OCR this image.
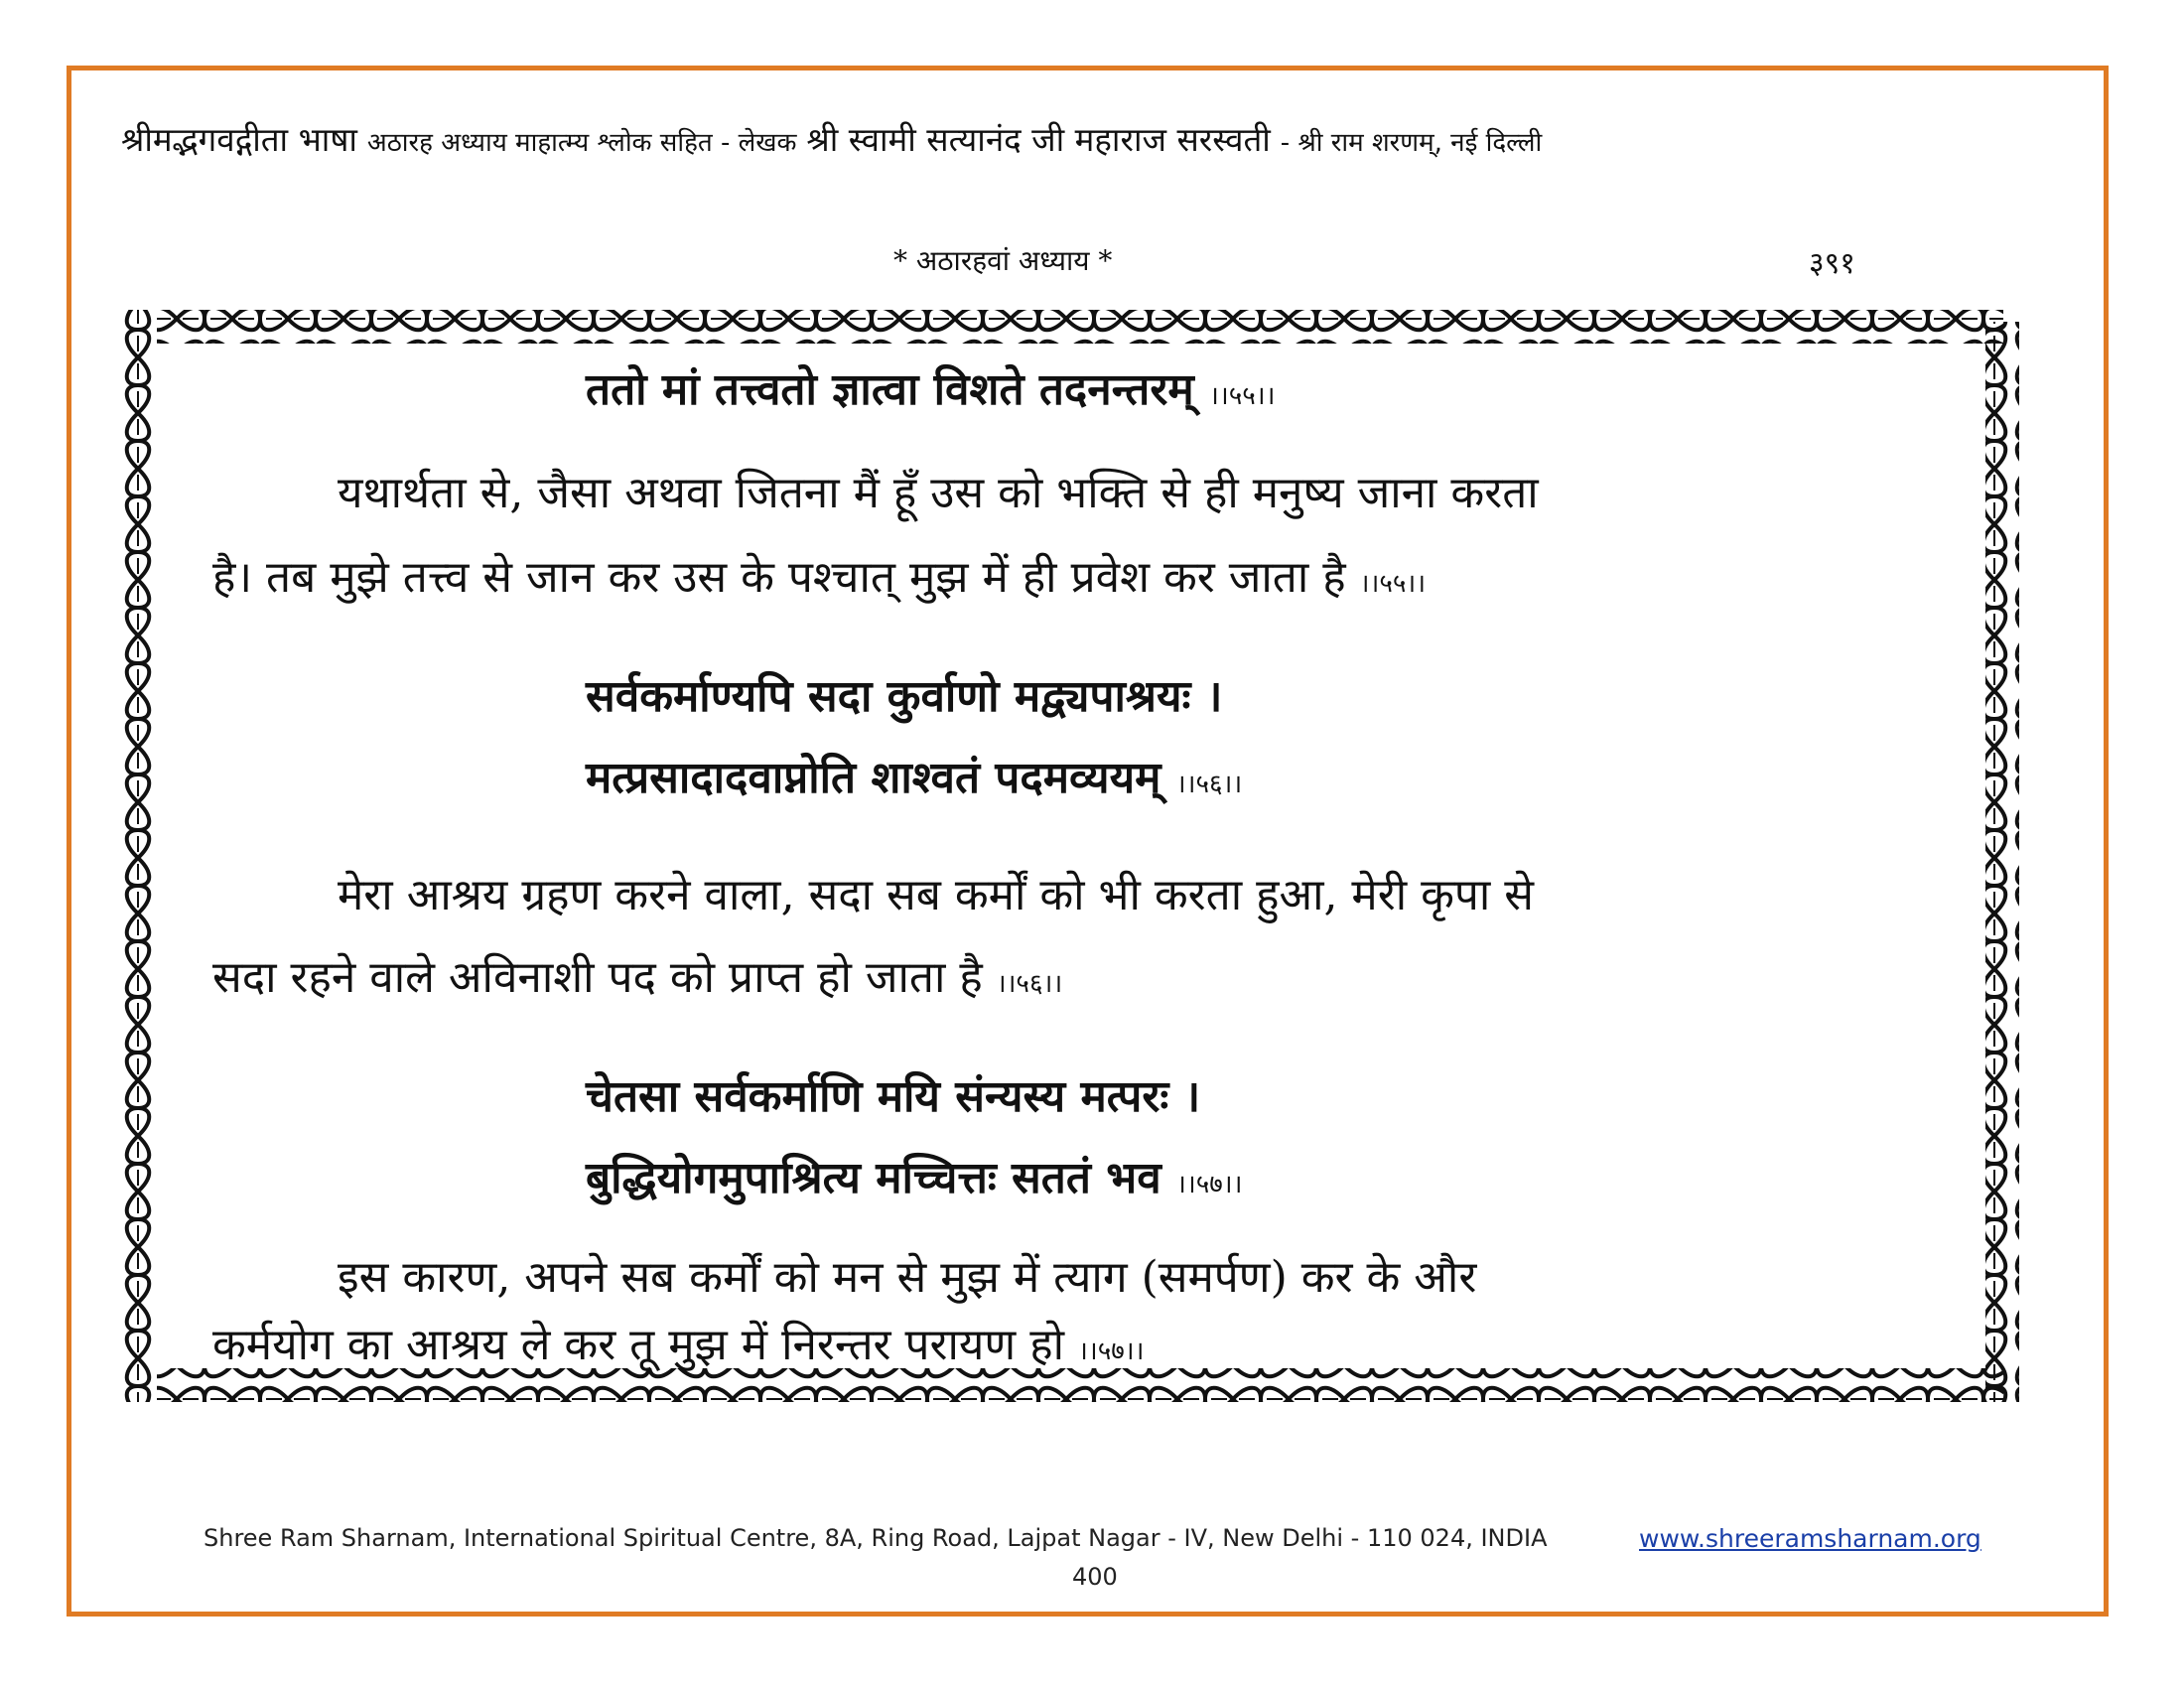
श्रीमद्भगवद्गीता भाषा अठारह अध्याय माहात्म्य श्लोक सहित - लेखक श्री स्वामी सत्यानंद जी महाराज सरस्वती - श्री राम शरणम्, नई दिल्ली
* अठारहवां अध्याय *	३९१
ततो मां तत्त्वतो ज्ञात्वा विशते तदनन्तरम् ।।५५।।
यथार्थता से, जैसा अथवा जितना मैं हूँ उस को भक्ति से ही मनुष्य जाना करता
है। तब मुझे तत्त्व से जान कर उस के पश्चात् मुझ में ही प्रवेश कर जाता है ।।५५।।
सर्वकर्माण्यपि सदा कुर्वाणो मद्व्यपाश्रयः ।
मत्प्रसादादवाप्नोति शाश्वतं पदमव्ययम् ।।५६।।
मेरा आश्रय ग्रहण करने वाला, सदा सब कर्मों को भी करता हुआ, मेरी कृपा से
सदा रहने वाले अविनाशी पद को प्राप्त हो जाता है ।।५६।।
चेतसा सर्वकर्माणि मयि संन्यस्य मत्परः ।
बुद्धियोगमुपाश्रित्य मच्चित्तः सततं भव ।।५७।।
इस कारण, अपने सब कर्मों को मन से मुझ में त्याग (समर्पण) कर के और
कर्मयोग का आश्रय ले कर तू मुझ में निरन्तर परायण हो ।।५७।।
Shree Ram Sharnam, International Spiritual Centre, 8A, Ring Road, Lajpat Nagar - IV, New Delhi - 110 024, INDIA	www.shreeramsharnam.org
400
